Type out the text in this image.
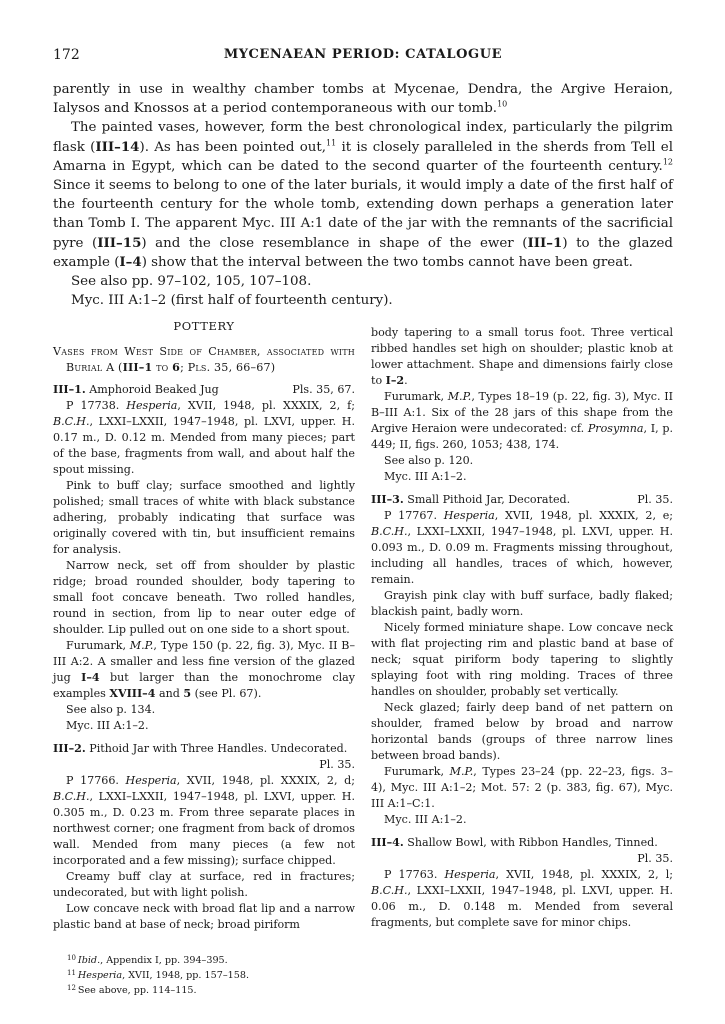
172	MYCENAEAN PERIOD: CATALOGUE

parently in use in wealthy chamber tombs at Mycenae, Dendra, the Argive Heraion, Ialysos and Knossos at a period contemporaneous with our tomb.$^{10}$

The painted vases, however, form the best chronological index, particularly the pilgrim flask (III–14). As has been pointed out,$^{11}$ it is closely paralleled in the sherds from Tell el Amarna in Egypt, which can be dated to the second quarter of the fourteenth century.$^{12}$ Since it seems to belong to one of the later burials, it would imply a date of the first half of the fourteenth century for the whole tomb, extending down perhaps a generation later than Tomb I. The apparent Myc. III A:1 date of the jar with the remnants of the sacrificial pyre (III–15) and the close resemblance in shape of the ewer (III–1) to the glazed example (I–4) show that the interval between the two tombs cannot have been great.

See also pp. 97–102, 105, 107–108.

Myc. III A:1–2 (first half of fourteenth century).

POTTERY

Vases from West Side of Chamber, associated with Burial A (III–1 to 6; Pls. 35, 66–67)

III–1. Amphoroid Beaked Jug	Pls. 35, 67.

P 17738. Hesperia, XVII, 1948, pl. XXXIX, 2, f; B.C.H., LXXI–LXXII, 1947–1948, pl. LXVI, upper. H. 0.17 m., D. 0.12 m. Mended from many pieces; part of the base, fragments from wall, and about half the spout missing.

Pink to buff clay; surface smoothed and lightly polished; small traces of white with black substance adhering, probably indicating that surface was originally covered with tin, but insufficient remains for analysis.

Narrow neck, set off from shoulder by plastic ridge; broad rounded shoulder, body tapering to small foot concave beneath. Two rolled handles, round in section, from lip to near outer edge of shoulder. Lip pulled out on one side to a short spout.

Furumark, M.P., Type 150 (p. 22, fig. 3), Myc. II B–III A:2. A smaller and less fine version of the glazed jug I–4 but larger than the monochrome clay examples XVIII–4 and 5 (see Pl. 67).

See also p. 134.

Myc. III A:1–2.

III–2. Pithoid Jar with Three Handles. Undecorated.
Pl. 35.

P 17766. Hesperia, XVII, 1948, pl. XXXIX, 2, d; B.C.H., LXXI–LXXII, 1947–1948, pl. LXVI, upper. H. 0.305 m., D. 0.23 m. From three separate places in northwest corner; one fragment from back of dromos wall. Mended from many pieces (a few not incorporated and a few missing); surface chipped.

Creamy buff clay at surface, red in fractures; undecorated, but with light polish.

Low concave neck with broad flat lip and a narrow plastic band at base of neck; broad piriform

body tapering to a small torus foot. Three vertical ribbed handles set high on shoulder; plastic knob at lower attachment. Shape and dimensions fairly close to I–2.

Furumark, M.P., Types 18–19 (p. 22, fig. 3), Myc. II B–III A:1. Six of the 28 jars of this shape from the Argive Heraion were undecorated: cf. Prosymna, I, p. 449; II, figs. 260, 1053; 438, 174.

See also p. 120.

Myc. III A:1–2.

III–3. Small Pithoid Jar, Decorated.	Pl. 35.

P 17767. Hesperia, XVII, 1948, pl. XXXIX, 2, e; B.C.H., LXXI–LXXII, 1947–1948, pl. LXVI, upper. H. 0.093 m., D. 0.09 m. Fragments missing throughout, including all handles, traces of which, however, remain.

Grayish pink clay with buff surface, badly flaked; blackish paint, badly worn.

Nicely formed miniature shape. Low concave neck with flat projecting rim and plastic band at base of neck; squat piriform body tapering to slightly splaying foot with ring molding. Traces of three handles on shoulder, probably set vertically.

Neck glazed; fairly deep band of net pattern on shoulder, framed below by broad and narrow horizontal bands (groups of three narrow lines between broad bands).

Furumark, M.P., Types 23–24 (pp. 22–23, figs. 3–4), Myc. III A:1–2; Mot. 57: 2 (p. 383, fig. 67), Myc. III A:1–C:1.

Myc. III A:1–2.

III–4. Shallow Bowl, with Ribbon Handles, Tinned.
Pl. 35.

P 17763. Hesperia, XVII, 1948, pl. XXXIX, 2, l; B.C.H., LXXI–LXXII, 1947–1948, pl. LXVI, upper. H. 0.06 m., D. 0.148 m. Mended from several fragments, but complete save for minor chips.

$^{10}$ Ibid., Appendix I, pp. 394–395.

$^{11}$ Hesperia, XVII, 1948, pp. 157–158.

$^{12}$ See above, pp. 114–115.
